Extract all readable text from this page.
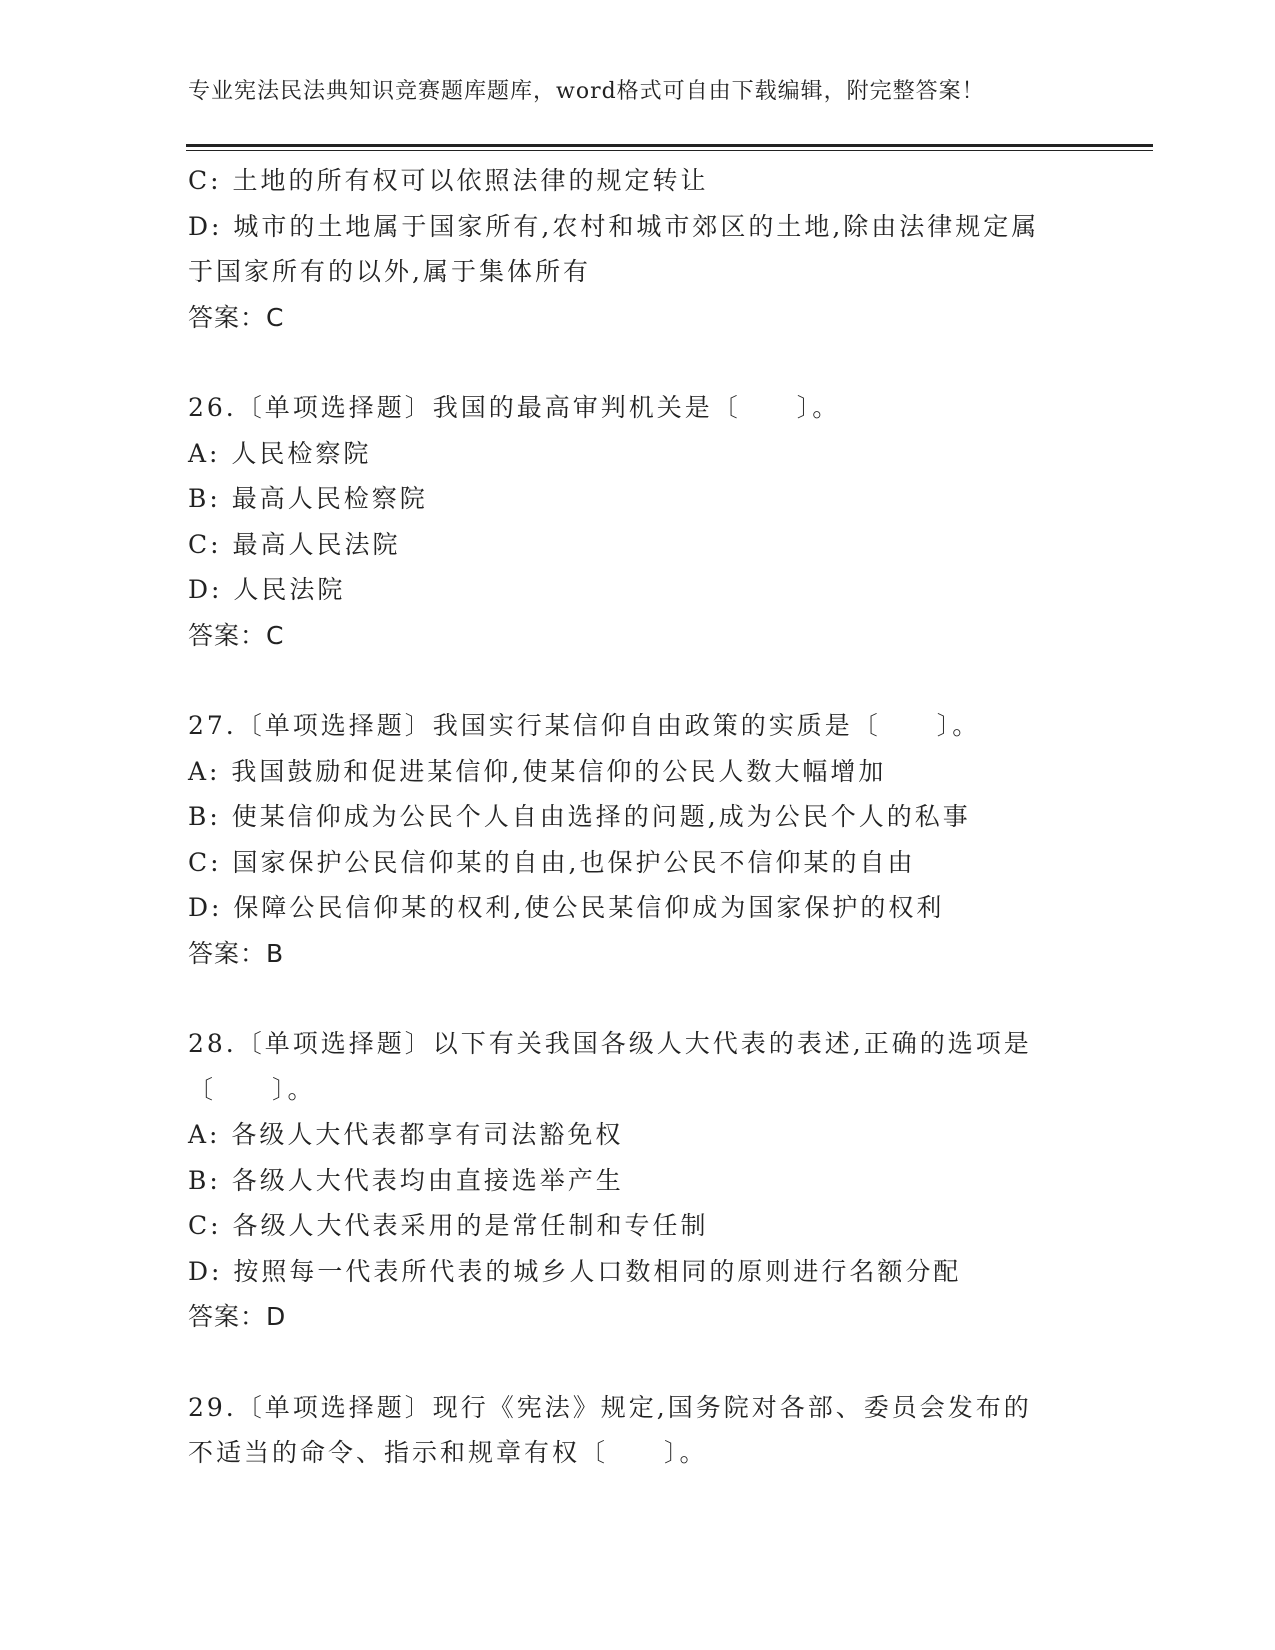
专业宪法民法典知识竞赛题库题库，word格式可自由下载编辑，附完整答案！
C: 土地的所有权可以依照法律的规定转让
D: 城市的土地属于国家所有,农村和城市郊区的土地,除由法律规定属
于国家所有的以外,属于集体所有
答案：C
26.〔单项选择题〕我国的最高审判机关是〔　　〕。
A: 人民检察院
B: 最高人民检察院
C: 最高人民法院
D: 人民法院
答案：C
27.〔单项选择题〕我国实行某信仰自由政策的实质是〔　　〕。
A: 我国鼓励和促进某信仰,使某信仰的公民人数大幅增加
B: 使某信仰成为公民个人自由选择的问题,成为公民个人的私事
C: 国家保护公民信仰某的自由,也保护公民不信仰某的自由
D: 保障公民信仰某的权利,使公民某信仰成为国家保护的权利
答案：B
28.〔单项选择题〕以下有关我国各级人大代表的表述,正确的选项是
〔　　〕。
A: 各级人大代表都享有司法豁免权
B: 各级人大代表均由直接选举产生
C: 各级人大代表采用的是常任制和专任制
D: 按照每一代表所代表的城乡人口数相同的原则进行名额分配
答案：D
29.〔单项选择题〕现行《宪法》规定,国务院对各部、委员会发布的
不适当的命令、指示和规章有权〔　　〕。
